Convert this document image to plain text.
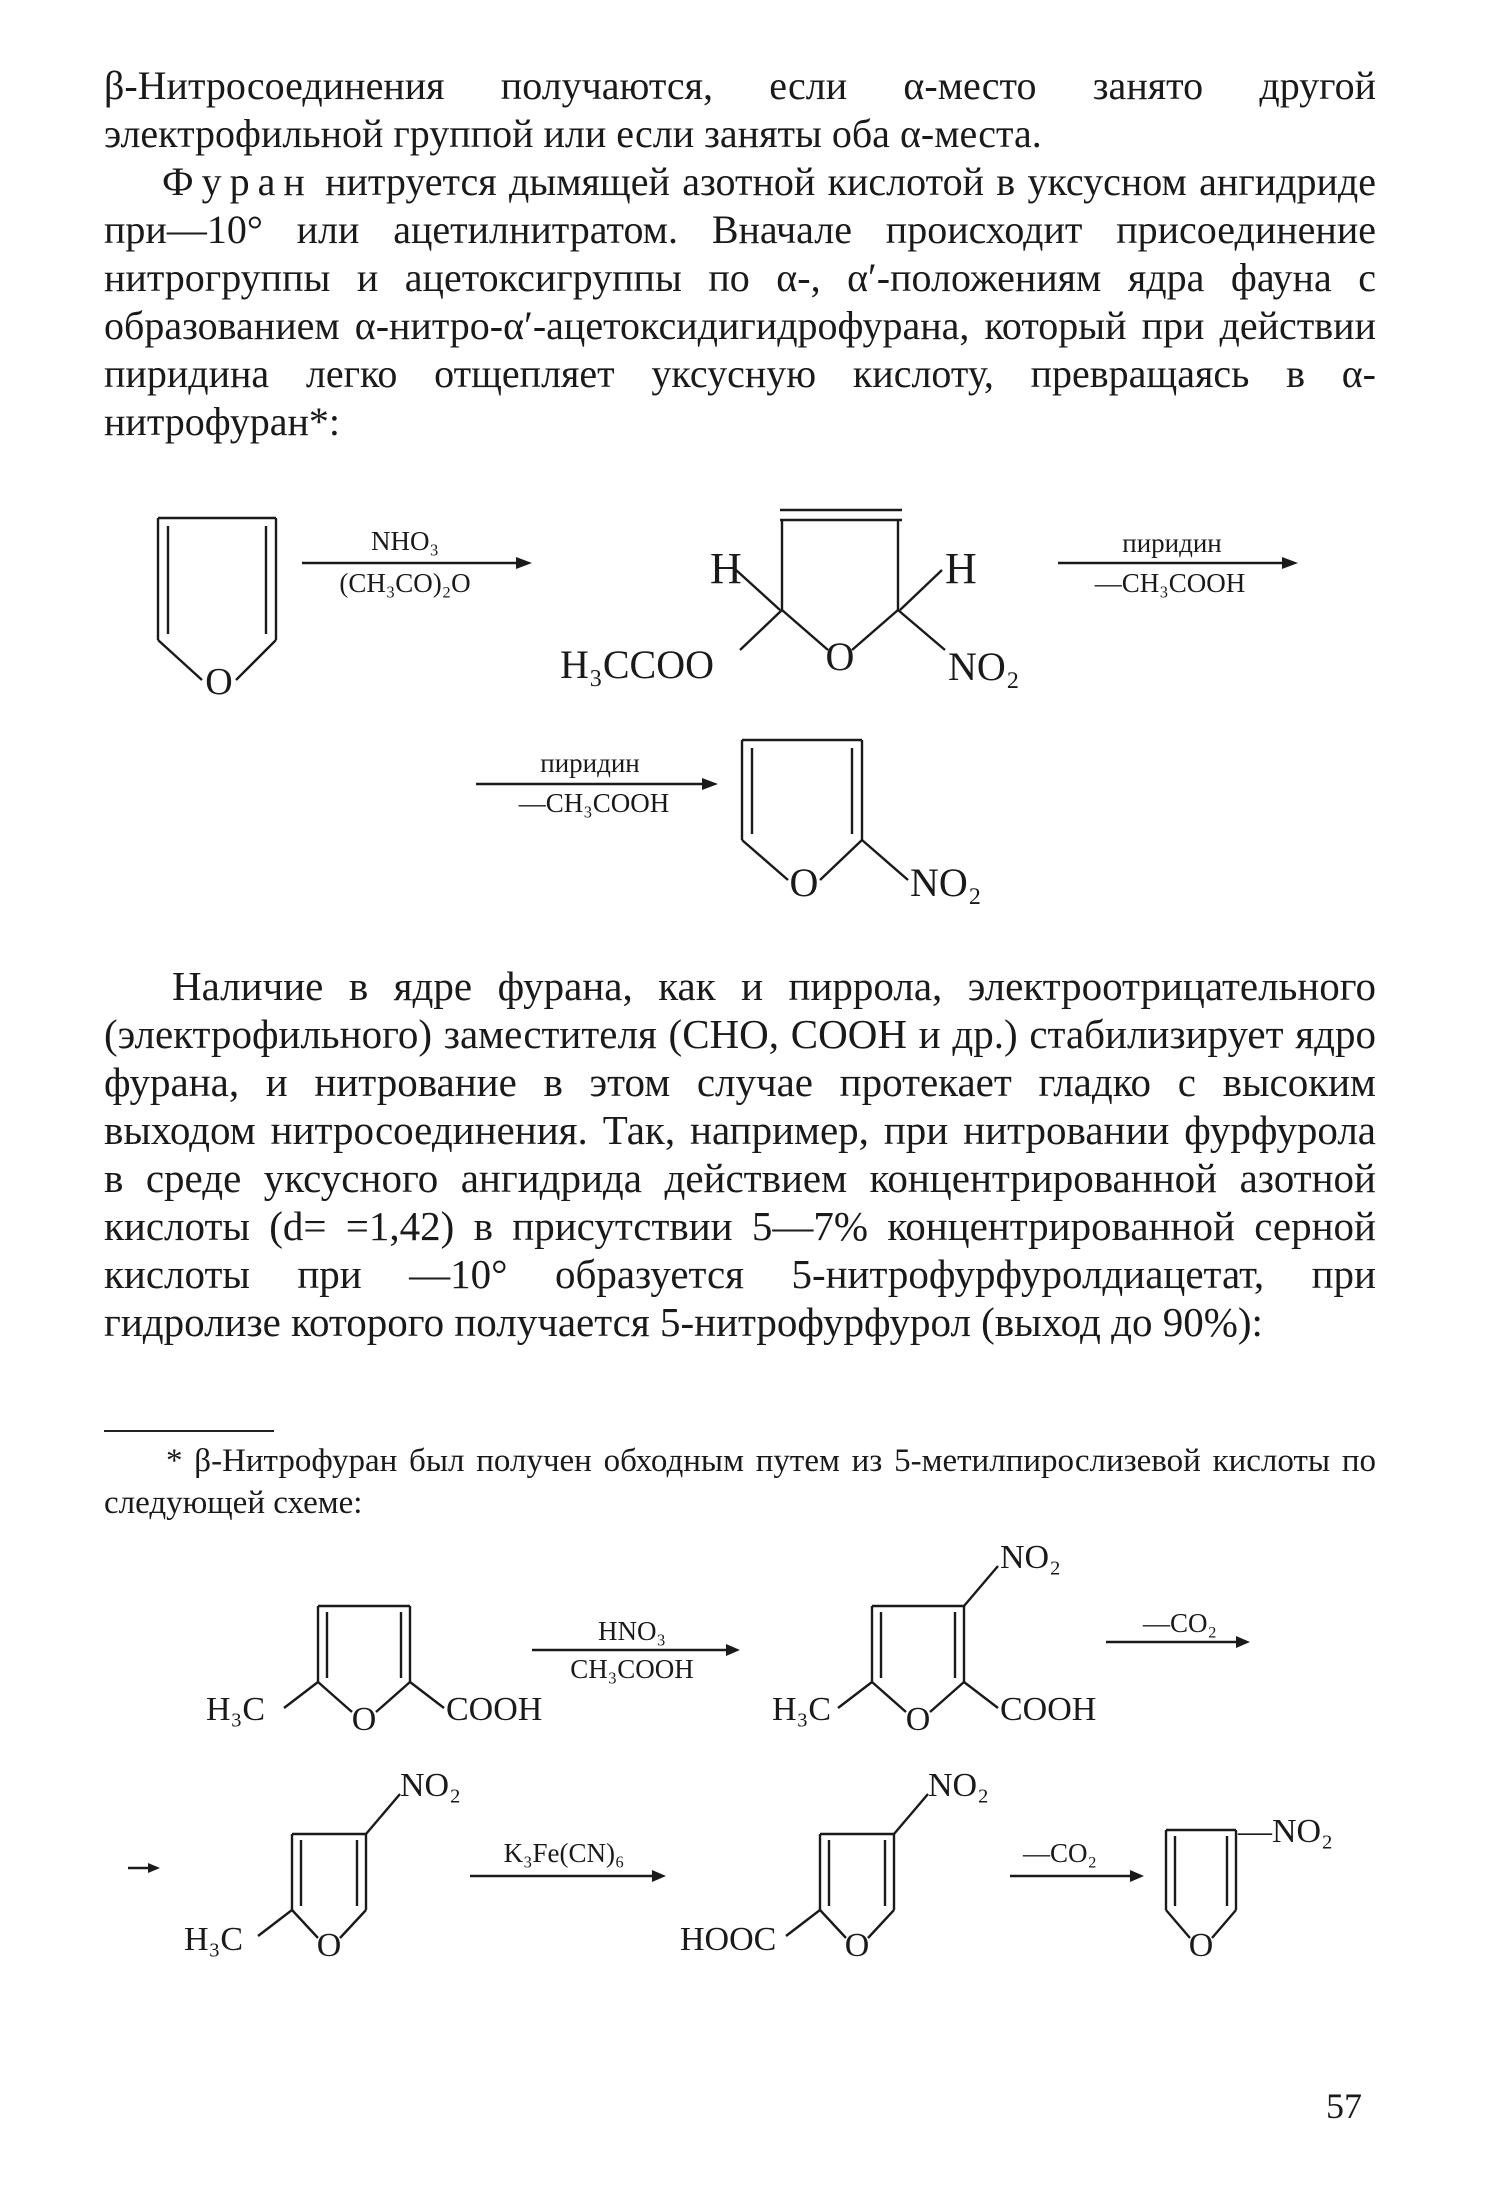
β-Нитросоединения получаются, если α-место занято другой электрофильной группой или если заняты оба α-места.

Фуран нитруется дымящей азотной кислотой в уксусном ангидриде при—10° или ацетилнитратом. Вначале происходит присоединение нитрогруппы и ацетоксигруппы по α-, α′-положениям ядра фауна с образованием α-нитро-α′-ацетоксидигидрофурана, который при действии пиридина легко отщепляет уксусную кислоту, превращаясь в α-нитрофуран*:

O
NHO₃
(CH₃CO)₂O
O
H	H
H₃CCOO	NO₂
пиридин
—CH₃COOH
пиридин
—CH₃COOH
O NO₂

Наличие в ядре фурана, как и пиррола, электроотрицательного (электрофильного) заместителя (СНО, СООН и др.) стабилизирует ядро фурана, и нитрование в этом случае протекает гладко с высоким выходом нитросоединения. Так, например, при нитровании фурфурола в среде уксусного ангидрида действием концентрированной азотной кислоты (d= =1,42) в присутствии 5—7% концентрированной серной кислоты при —10° образуется 5-нитрофурфуролдиацетат, при гидролизе которого получается 5-нитрофурфурол (выход до 90%):

* β-Нитрофуран был получен обходным путем из 5-метилпирослизевой кислоты по следующей схеме:

O
H₃C	COOH
HNO₃
CH₃COOH
O
H₃C	COOH
NO₂
—CO₂
O
H₃C
NO₂
K₃Fe(CN)₆
O
HOOC
NO₂
—CO₂
O
—NO₂
57
